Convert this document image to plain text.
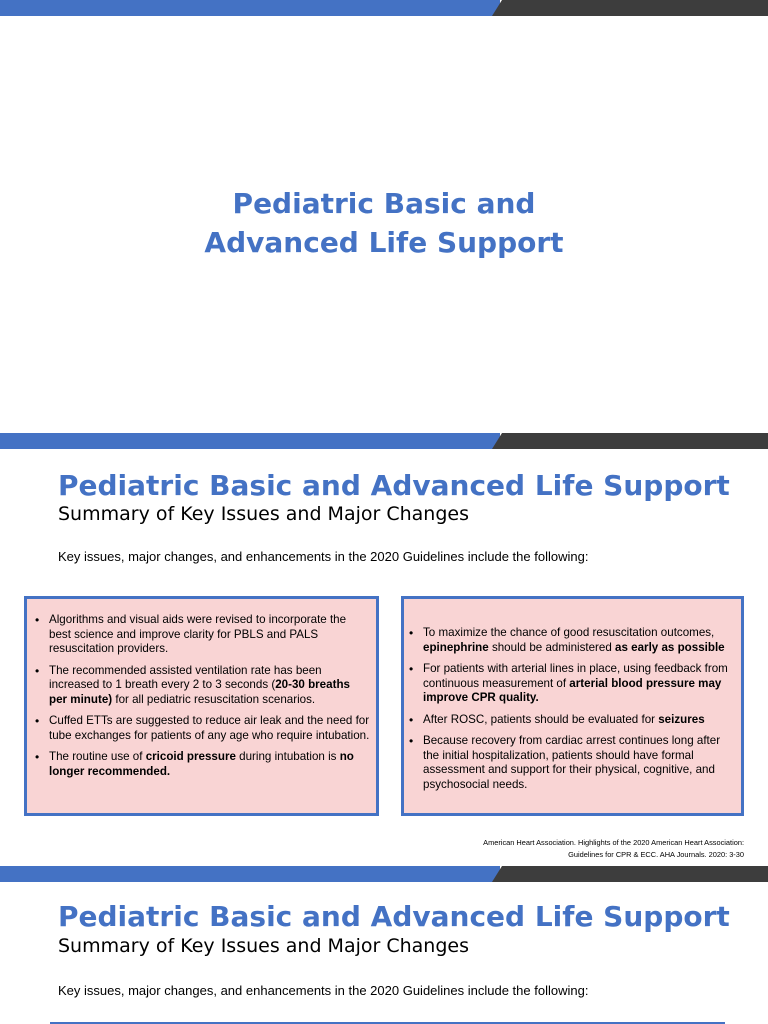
Pediatric Basic and
Advanced Life Support
Pediatric Basic and Advanced Life Support
Summary of Key Issues and Major Changes
Key issues, major changes, and enhancements in the 2020 Guidelines include the following:
• Algorithms and visual aids were revised to incorporate the best science and improve clarity for PBLS and PALS resuscitation providers.
• The recommended assisted ventilation rate has been increased to 1 breath every 2 to 3 seconds (20-30 breaths per minute) for all pediatric resuscitation scenarios.
• Cuffed ETTs are suggested to reduce air leak and the need for tube exchanges for patients of any age who require intubation.
• The routine use of cricoid pressure during intubation is no longer recommended.
• To maximize the chance of good resuscitation outcomes, epinephrine should be administered as early as possible
• For patients with arterial lines in place, using feedback from continuous measurement of arterial blood pressure may improve CPR quality.
• After ROSC, patients should be evaluated for seizures
• Because recovery from cardiac arrest continues long after the initial hospitalization, patients should have formal assessment and support for their physical, cognitive, and psychosocial needs.
American Heart Association. Highlights of the 2020 American Heart Association:
Guidelines for CPR & ECC. AHA Journals. 2020: 3-30
Pediatric Basic and Advanced Life Support
Summary of Key Issues and Major Changes
Key issues, major changes, and enhancements in the 2020 Guidelines include the following:
